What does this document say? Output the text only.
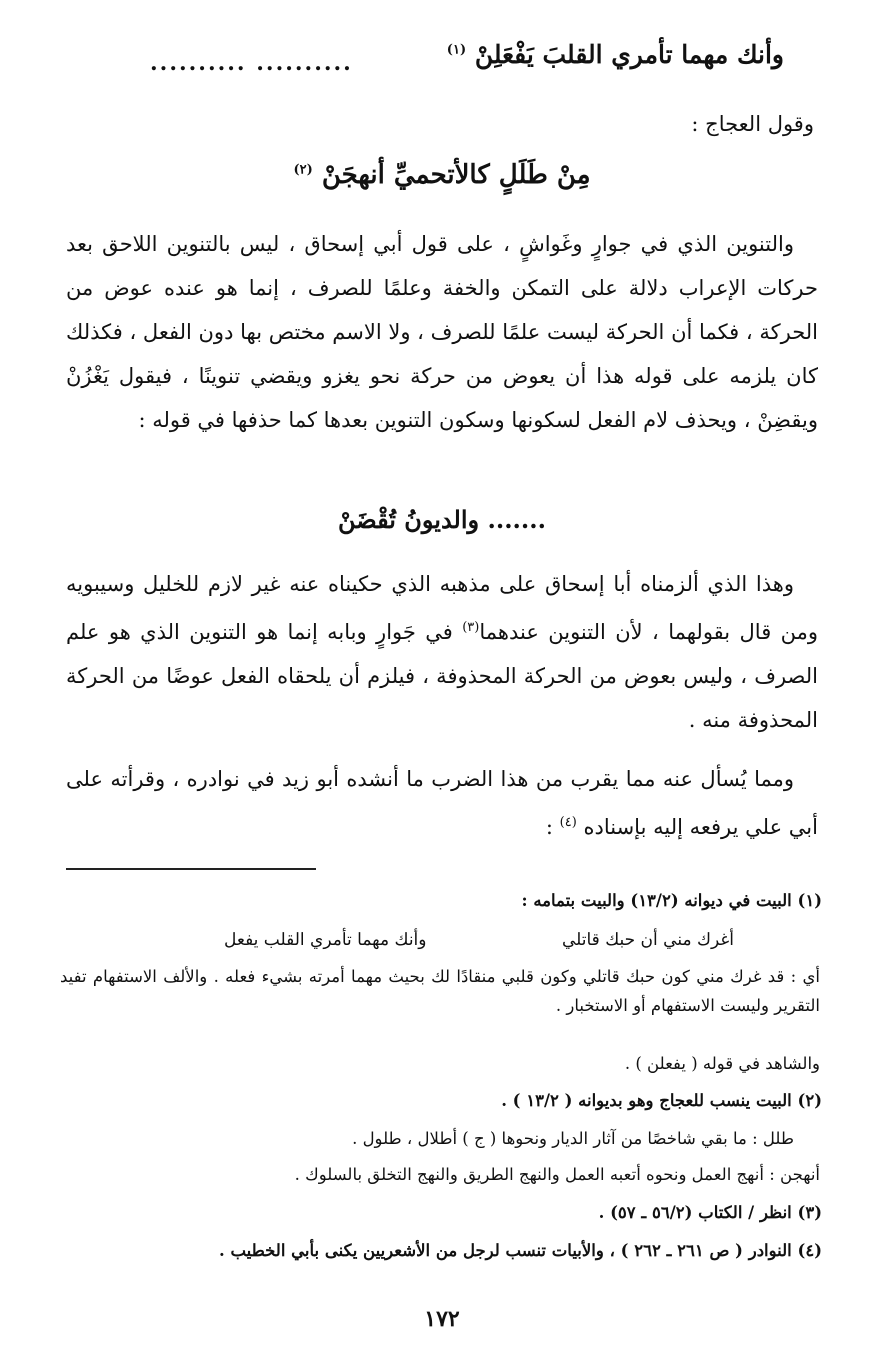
وأنك مهما تأمري القلبَ يَفْعَلِنْ $^{(١)}$
.......... ..........
وقول العجاج :
مِنْ طَلَلٍ كالأتحميِّ أنهجَنْ $^{(٢)}$
والتنوين الذي في جوارٍ وغَواشٍ ، على قول أبي إسحاق ، ليس بالتنوين اللاحق بعد حركات الإعراب دلالة على التمكن والخفة وعلمًا للصرف ، إنما هو عنده عوض من الحركة ، فكما أن الحركة ليست علمًا للصرف ، ولا الاسم مختص بها دون الفعل ، فكذلك كان يلزمه على قوله هذا أن يعوض من حركة نحو يغزو ويقضي تنوينًا ، فيقول يَغْزُنْ ويقضِنْ ، ويحذف لام الفعل لسكونها وسكون التنوين بعدها كما حذفها في قوله :
....... والديونُ تُقْضَنْ
وهذا الذي ألزمناه أبا إسحاق على مذهبه الذي حكيناه عنه غير لازم للخليل وسيبويه ومن قال بقولهما ، لأن التنوين عندهما$^{(٣)}$ في جَوارٍ وبابه إنما هو التنوين الذي هو علم الصرف ، وليس بعوض من الحركة المحذوفة ، فيلزم أن يلحقاه الفعل عوضًا من الحركة المحذوفة منه .
ومما يُسأل عنه مما يقرب من هذا الضرب ما أنشده أبو زيد في نوادره ، وقرأته على أبي علي يرفعه إليه بإسناده $^{(٤)}$ :
(١) البيت في ديوانه (١٣/٢) والبيت بتمامه :
أغرك مني أن حبك قاتلي
وأنك مهما تأمري القلب يفعل
أي : قد غرك مني كون حبك قاتلي وكون قلبي منقادًا لك بحيث مهما أمرته بشيء فعله . والألف الاستفهام تفيد التقرير وليست الاستفهام أو الاستخبار .
والشاهد في قوله ( يفعلن ) .
(٢) البيت ينسب للعجاج وهو بديوانه ( ١٣/٢ ) .
طلل : ما بقي شاخصًا من آثار الديار ونحوها ( ج ) أطلال ، طلول .
أنهجن : أنهج العمل ونحوه أتعبه العمل والنهج الطريق والنهج التخلق بالسلوك .
(٣) انظر / الكتاب (٥٦/٢ ـ ٥٧) .
(٤) النوادر ( ص ٢٦١ ـ ٢٦٢ ) ، والأبيات تنسب لرجل من الأشعريين يكنى بأبي الخطيب .
١٧٢
